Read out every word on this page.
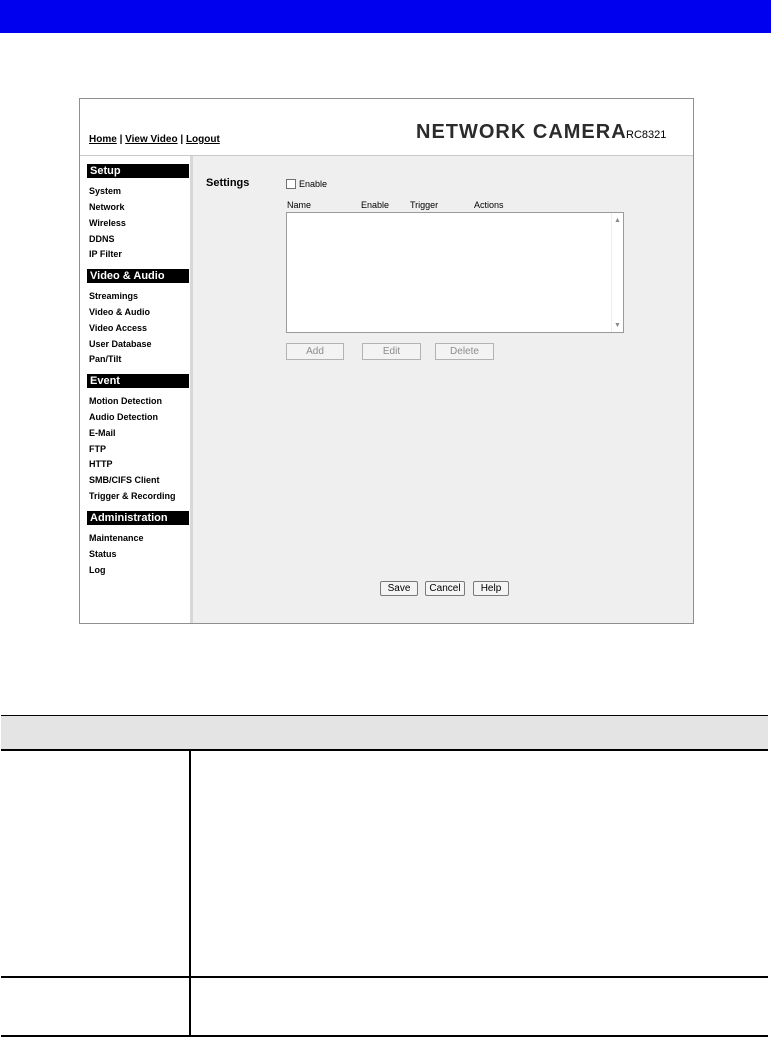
Home | View Video | Logout	NETWORK CAMERA RC8321
Setup
System
Network
Wireless
DDNS
IP Filter
Video & Audio
Streamings
Video & Audio
Video Access
User Database
Pan/Tilt
Event
Motion Detection
Audio Detection
E-Mail
FTP
HTTP
SMB/CIFS Client
Trigger & Recording
Administration
Maintenance
Status
Log
Settings	Enable
Name	Enable Trigger	Actions
▲
▼
Add	Edit	Delete
Save	Cancel	Help
